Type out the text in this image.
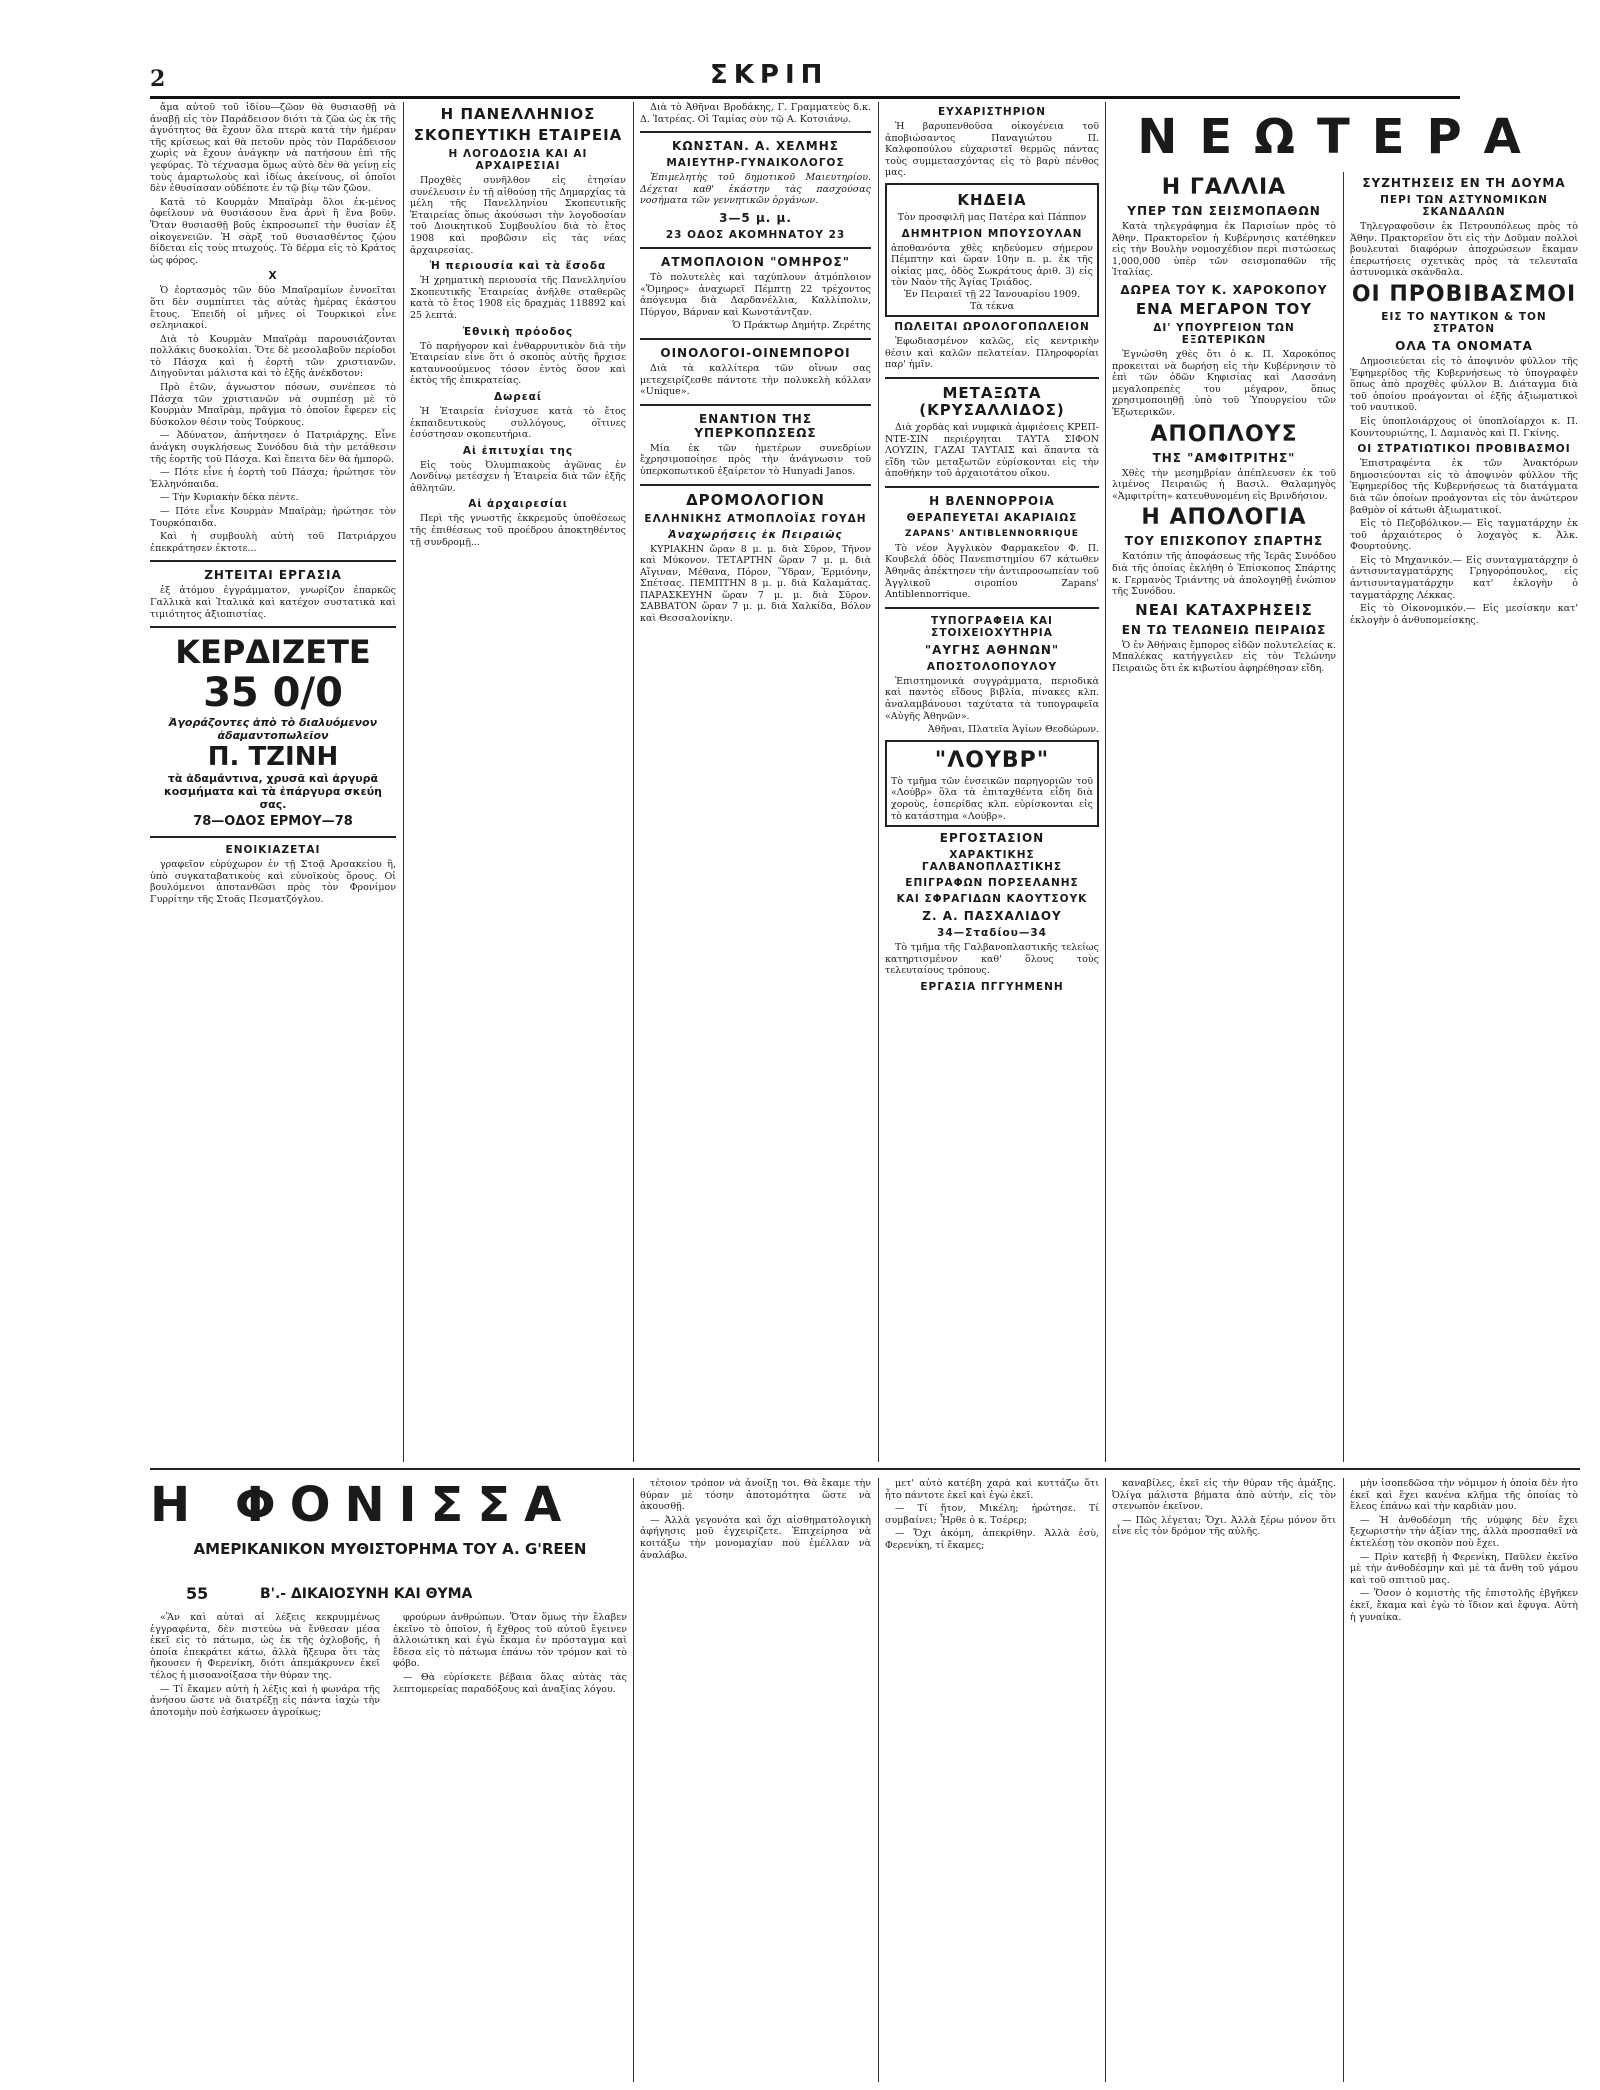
2	ΣΚΡΙΠ

ἄμα αὐτοῦ τοῦ ἰδίου—ζῶον θὰ θυσιασθῇ νὰ ἀναβῇ εἰς τὸν Παράδεισον διότι τὰ ζῶα ὡς ἐκ τῆς ἀγνότητος θὰ ἔχουν ὅλα πτερὰ κατὰ τὴν ἡμέραν τῆς κρίσεως καὶ θὰ πετοῦν πρὸς τὸν Παράδεισον χωρὶς νὰ ἔχουν ἀνάγκην νὰ πατήσουν ἐπὶ τῆς γεφύρας. Τὸ τέχνασμα ὅμως αὐτὸ δὲν θὰ γείνῃ εἰς τοὺς ἁμαρτωλοὺς καὶ ἰδίως ἀκείνους, οἱ ὁποῖοι δὲν ἐθυσίασαν οὐδέποτε ἐν τῷ βίῳ τῶν ζῶον.

Κατὰ τὸ Κουρμὰν Μπαϊρὰμ ὅλοι ἐκ-μένος ὀφείλουν νὰ θυσιάσουν ἕνα ἀρνὶ ἢ ἕνα βοῦν. Ὅταν θυσιασθῇ βοῦς ἐκπροσωπεῖ τὴν θυσίαν ἑξ οἰκογενειῶν. Ἡ σὰρξ τοῦ θυσιασθέντος ζῴου δίδεται εἰς τοὺς πτωχούς. Τὸ δέρμα εἰς τὸ Κράτος ὡς φόρος.

Χ

Ὁ ἑορτασμὸς τῶν δύο Μπαϊραμίων ἐννοεῖται ὅτι δὲν συμπίπτει τὰς αὐτὰς ἡμέρας ἑκάστου ἔτους. Ἐπειδὴ οἱ μῆνες οἱ Τουρκικοὶ εἶνε σεληνιακοί.

Διὰ τὸ Κουρμὰν Μπαϊρὰμ παρουσιάζονται πολλάκις δυσκολίαι. Ὅτε δὲ μεσολαβοῦν περίοδοι τὸ Πάσχα καὶ ἡ ἑορτὴ τῶν χριστιανῶν. Διηγοῦνται μάλιστα καὶ τὸ ἑξῆς ἀνέκδοτον:

Πρὸ ἐτῶν, ἀγνωστον πόσων, συνέπεσε τὸ Πάσχα τῶν χριστιανῶν νὰ συμπέσῃ μὲ τὸ Κουρμὰν Μπαϊρὰμ, πρᾶγμα τὸ ὁποῖον ἔφερεν εἰς δύσκολον θέσιν τοὺς Τούρκους.

— Ἀδύνατον, ἀπήντησεν ὁ Πατριάρχης. Εἶνε ἀνάγκη συγκλήσεως Συνόδου διὰ τὴν μετάθεσιν τῆς ἑορτῆς τοῦ Πάσχα. Καὶ ἔπειτα δὲν θὰ ἠμπορῶ.

— Πότε εἶνε ἡ ἑορτὴ τοῦ Πάσχα; ἠρώτησε τὸν Ἑλληνόπαιδα.

— Τὴν Κυριακὴν δέκα πέντε.

— Πότε εἶνε Κουρμὰν Μπαϊρὰμ; ἠρώτησε τὸν Τουρκόπαιδα.

Καὶ ἡ συμβουλὴ αὐτὴ τοῦ Πατριάρχου ἐπεκράτησεν ἐκτοτε...

ΖΗΤΕΙΤΑΙ ΕΡΓΑΣΙΑ

ἐξ ἀτόμου ἐγγράμματον, γνωρίζον ἐπαρκῶς Γαλλικὰ καὶ Ἰταλικὰ καὶ κατέχον συστατικὰ καὶ τιμιότητος ἀξιοπιστίας.

ΚΕΡΔΙΖΕΤΕ
35 0/0
Ἀγοράζοντες ἀπὸ τὸ διαλυόμενον ἀδαμαντοπωλεῖον
Π. ΤΖΙΝΗ
τὰ ἀδαμάντινα, χρυσᾶ καὶ ἀργυρᾶ κοσμήματα καὶ τὰ ἐπάργυρα σκεύη σας.
78—ΟΔΟΣ ΕΡΜΟΥ—78
ΕΝΟΙΚΙΑΖΕΤΑΙ

γραφεῖον εὐρύχωρον ἐν τῇ Στοᾷ Ἀρσακείου ἢ, ὑπὸ συγκαταβατικοὺς καὶ εὐνοϊκοὺς ὅρους. Οἱ βουλόμενοι ἀποτανθῶσι πρὸς τὸν Φρονίμον Γυρρίτην τῆς Στοᾶς Πεσματζόγλου.

Η ΠΑΝΕΛΛΗΝΙΟΣ
ΣΚΟΠΕΥΤΙΚΗ ΕΤΑΙΡΕΙΑ
Η ΛΟΓΟΔΟΣΙΑ ΚΑΙ ΑΙ ΑΡΧΑΙΡΕΣΙΑΙ

Προχθὲς συνῆλθον εἰς ἐτησίαν συνέλευσιν ἐν τῇ αἰθούσῃ τῆς Δημαρχίας τὰ μέλη τῆς Πανελληνίου Σκοπευτικῆς Ἑταιρείας ὅπως ἀκούσωσι τὴν λογοδοσίαν τοῦ Διοικητικοῦ Συμβουλίου διὰ τὸ ἔτος 1908 καὶ προβῶσιν εἰς τὰς νέας ἀρχαιρεσίας.

Ἡ περιουσία καὶ τὰ ἔσοδα

Ἡ χρηματικὴ περιουσία τῆς Πανελληνίου Σκοπευτικῆς Ἑταιρείας ἀνῆλθε σταθερῶς κατὰ τὸ ἔτος 1908 εἰς δραχμὰς 118892 καὶ 25 λεπτά.

Ἐθνικὴ πρόοδος

Τὸ παρήγορον καὶ ἐνθαρρυντικὸν διὰ τὴν Ἑταιρείαν εἶνε ὅτι ὁ σκοπὸς αὐτῆς ἤρχισε καταυνοούμενος τόσον ἐντὸς ὅσον καὶ ἐκτὸς τῆς ἐπικρατείας.

Δωρεαί

Ἡ Ἑταιρεία ἐνίσχυσε κατὰ τὸ ἔτος ἐκπαιδευτικοὺς συλλόγους, οἵτινες ἐσύστησαν σκοπευτήρια.

Αἱ ἐπιτυχίαι της

Εἰς τοὺς Ὀλυμπιακοὺς ἀγῶνας ἐν Λονδίνῳ μετέσχεν ἡ Ἑταιρεία διὰ τῶν ἑξῆς ἀθλητῶν.

Αἱ ἀρχαιρεσίαι

Περὶ τῆς γνωστῆς ἐκκρεμοῦς ὑποθέσεως τῆς ἐπιθέσεως τοῦ προέδρου ἀποκτηθέντος τῇ συνδρομῇ...

Διὰ τὸ Ἀθῆναι Βροδάκης, Γ. Γραμματεὺς δ.κ. Δ. Ἰατρέας. Οἱ Ταμίας σὺν τῷ Α. Κοτσιάνῳ.

ΚΩΝΣΤΑΝ. Α. ΧΕΛΜΗΣ
ΜΑΙΕΥΤΗΡ-ΓΥΝΑΙΚΟΛΟΓΟΣ

Ἐπιμελητὴς τοῦ δημοτικοῦ Μαιευτηρίου. Δέχεται καθ' ἑκάστην τὰς πασχούσας νοσήματα τῶν γεννητικῶν ὀργάνων.

3—5 μ. μ.
23 ΟΔΟΣ ΑΚΟΜΗΝΑΤΟΥ 23
ΑΤΜΟΠΛΟΙΟΝ "ΟΜΗΡΟΣ"

Τὸ πολυτελὲς καὶ ταχύπλουν ἀτμόπλοιον «Ὅμηρος» ἀναχωρεῖ Πέμπτῃ 22 τρέχοντος ἀπόγευμα διὰ Δαρδανέλλια, Καλλίπολιν, Πύργον, Βάρναν καὶ Κωνστάντζαν.

Ὁ Πράκτωρ Δημήτρ. Ζερέτης
ΟΙΝΟΛΟΓΟΙ-ΟΙΝΕΜΠΟΡΟΙ

Διὰ τὰ καλλίτερα τῶν οἴνων σας μετεχειρίζεσθε πάντοτε τὴν πολυκελὴ κόλλαν «Unique».

ΕΝΑΝΤΙΟΝ ΤΗΣ ΥΠΕΡΚΟΠΩΣΕΩΣ

Μία ἐκ τῶν ἡμετέρων συνεδρίων ἔχρησιμοποίησε πρὸς τὴν ἀνάγνωσιν τοῦ ὑπερκοπωτικοῦ ἐξαίρετον τὸ Hunyadi Janos.

ΔΡΟΜΟΛΟΓΙΟΝ
ΕΛΛΗΝΙΚΗΣ ΑΤΜΟΠΛΟΪΑΣ ΓΟΥΔΗ
Ἀναχωρήσεις ἐκ Πειραιῶς

ΚΥΡΙΑΚΗΝ ὥραν 8 μ. μ. διὰ Σῦρον, Τῆνον καὶ Μύκονον. ΤΕΤΑΡΤΗΝ ὥραν 7 μ. μ. διὰ Αἴγιναν, Μέθανα, Πόρον, Ὕδραν, Ἑρμιόνην, Σπέτσας. ΠΕΜΠΤΗΝ 8 μ. μ. διὰ Καλαμάτας. ΠΑΡΑΣΚΕΥΗΝ ὥραν 7 μ. μ. διὰ Σῦρον. ΣΑΒΒΑΤΟΝ ὥραν 7 μ. μ. διὰ Χαλκίδα, Βόλον καὶ Θεσσαλονίκην.

ΕΥΧΑΡΙΣΤΗΡΙΟΝ

Ἡ βαρυπενθοῦσα οἰκογένεια τοῦ ἀποβιώσαντος Παναγιώτου Π. Καλφοπούλου εὐχαριστεῖ θερμῶς πάντας τοὺς συμμετασχόντας εἰς τὸ βαρὺ πένθος μας.

ΚΗΔΕΙΑ
Τὸν προσφιλῆ μας Πατέρα καὶ Πάππον
ΔΗΜΗΤΡΙΟΝ ΜΠΟΥΣΟΥΛΑΝ
ἀποθανόντα χθὲς κηδεύομεν σήμερον Πέμπτην καὶ ὥραν 10ην π. μ. ἐκ τῆς οἰκίας μας, ὁδὸς Σωκράτους ἀριθ. 3) εἰς τὸν Ναὸν τῆς Ἁγίας Τριάδος.
Ἐν Πειραιεῖ τῇ 22 Ἰανουαρίου 1909.
Τὰ τέκνα
ΠΩΛΕΙΤΑΙ ΩΡΟΛΟΓΟΠΩΛΕΙΟΝ

Ἐφωδιασμένον καλῶς, εἰς κεντρικὴν θέσιν καὶ καλῶν πελατείαν. Πληροφορίαι παρ' ἡμῖν.

ΜΕΤΑΞΩΤΑ (ΚΡΥΣΑΛΛΙΔΟΣ)

Διὰ χορδὰς καὶ νυμφικὰ ἀμφιέσεις ΚΡΕΠ-ΝΤΕ-ΣΙΝ περιέργηται ΤΑΥΤΑ ΣΙΦΟΝ ΛΟΥΖΙΝ, ΓΑΖΑΙ ΤΑΥΤΑΙΣ καὶ ἅπαντα τὰ εἴδη τῶν μεταξωτῶν εὑρίσκονται εἰς τὴν ἀποθήκην τοῦ ἀρχαιοτάτου οἴκου.

Η ΒΛΕΝΝΟΡΡΟΙΑ
ΘΕΡΑΠΕΥΕΤΑΙ ΑΚΑΡΙΑΙΩΣ
ZAPANS' ANTIBLENNORRIQUE

Τὸ νέον Ἀγγλικὸν Φαρμακεῖον Φ. Π. Κουβελά ὁδὸς Πανεπιστημίου 67 κάτωθεν Ἀθηνᾶς ἀπέκτησεν τὴν ἀντιπροσωπείαν τοῦ Ἀγγλικοῦ σιροπίου Zapans' Antiblennorrique.

ΤΥΠΟΓΡΑΦΕΙΑ ΚΑΙ ΣΤΟΙΧΕΙΟΧΥΤΗΡΙΑ
"ΑΥΓΗΣ ΑΘΗΝΩΝ"
ΑΠΟΣΤΟΛΟΠΟΥΛΟΥ

Ἐπιστημονικὰ συγγράμματα, περιοδικὰ καὶ παντὸς εἴδους βιβλία, πίνακες κλπ. ἀναλαμβάνουσι ταχύτατα τὰ τυπογραφεῖα «Αὐγῆς Ἀθηνῶν».

Ἀθῆναι, Πλατεῖα Ἁγίων Θεοδώρων.
"ΛΟΥΒΡ"
Τὸ τμῆμα τῶν ἐνσεικῶν παρηγοριῶν τοῦ «Λούβρ» ὅλα τὰ ἐπιταχθέντα εἶδη διὰ χοροὺς, ἐσπερίδας κλπ. εὑρίσκονται εἰς τὸ κατάστημα «Λούβρ».
ΕΡΓΟΣΤΑΣΙΟΝ
ΧΑΡΑΚΤΙΚΗΣ ΓΑΛΒΑΝΟΠΛΑΣΤΙΚΗΣ
ΕΠΙΓΡΑΦΩΝ ΠΟΡΣΕΛΑΝΗΣ
ΚΑΙ ΣΦΡΑΓΙΔΩΝ ΚΑΟΥΤΣΟΥΚ
Ζ. Α. ΠΑΣΧΑΛΙΔΟΥ
34—Σταδίου—34

Τὸ τμῆμα τῆς Γαλβανοπλαστικῆς τελείως κατηρτισμένον καθ' ὅλους τοὺς τελευταίους τρόπους.

ΕΡΓΑΣΙΑ ΠΓΓΥΗΜΕΝΗ
ΝΕΩΤΕΡΑ
Η ΓΑΛΛΙΑ
ΥΠΕΡ ΤΩΝ ΣΕΙΣΜΟΠΑΘΩΝ

Κατὰ τηλεγράφημα ἐκ Παρισίων πρὸς τὸ Ἀθην. Πρακτορεῖον ἡ Κυβέρνησις κατέθηκεν εἰς τὴν Βουλὴν νομοσχέδιον περὶ πιστώσεως 1,000,000 ὑπὲρ τῶν σεισμοπαθῶν τῆς Ἰταλίας.

ΔΩΡΕΑ ΤΟΥ Κ. ΧΑΡΟΚΟΠΟΥ
ΕΝΑ ΜΕΓΑΡΟΝ ΤΟΥ
ΔΙ' ΥΠΟΥΡΓΕΙΟΝ ΤΩΝ ΕΞΩΤΕΡΙΚΩΝ

Ἐγνώσθη χθὲς ὅτι ὁ κ. Π. Χαροκόπος προκειται νὰ δωρήσῃ εἰς τὴν Κυβέρνησιν τὸ ἐπὶ τῶν ὁδῶν Κηφισίας καὶ Λασσάνη μεγαλοπρεπὲς του μέγαρον, ὅπως χρησιμοποιηθῇ ὑπὸ τοῦ Ὑπουργείου τῶν Ἐξωτερικῶν.

ΑΠΟΠΛΟΥΣ
ΤΗΣ "ΑΜΦΙΤΡΙΤΗΣ"

Χθὲς τὴν μεσημβρίαν ἀπέπλευσεν ἐκ τοῦ λιμένος Πειραιῶς ἡ Βασιλ. Θαλαμηγὸς «Ἀμφιτρίτη» κατευθυνομένη εἰς Βρινδήσιον.

Η ΑΠΟΛΟΓΙΑ
ΤΟΥ ΕΠΙΣΚΟΠΟΥ ΣΠΑΡΤΗΣ

Κατόπιν τῆς ἀποφάσεως τῆς Ἱερᾶς Συνόδου διὰ τῆς ὁποίας ἐκλήθη ὁ Ἐπίσκοπος Σπάρτης κ. Γερμανὸς Τριάντης νὰ ἀπολογηθῇ ἐνώπιον τῆς Συνόδου.

ΝΕΑΙ ΚΑΤΑΧΡΗΣΕΙΣ
ΕΝ ΤΩ ΤΕΛΩΝΕΙΩ ΠΕΙΡΑΙΩΣ

Ὁ ἐν Ἀθήναις ἔμπορος εἰδῶν πολυτελείας κ. Μπαλέκας κατήγγειλεν εἰς τὸν Τελώνην Πειραιῶς ὅτι ἐκ κιβωτίου ἀφηρέθησαν εἴδη.

ΣΥΖΗΤΗΣΕΙΣ ΕΝ ΤΗ ΔΟΥΜΑ
ΠΕΡΙ ΤΩΝ ΑΣΤΥΝΟΜΙΚΩΝ ΣΚΑΝΔΑΛΩΝ

Τηλεγραφοῦσιν ἐκ Πετρουπόλεως πρὸς τὸ Ἀθην. Πρακτορεῖον ὅτι εἰς τὴν Δοῦμαν πολλοὶ βουλευταὶ διαφόρων ἀποχρώσεων ἔκαμαν ἐπερωτήσεις σχετικὰς πρὸς τὰ τελευταῖα ἀστυνομικὰ σκάνδαλα.

ΟΙ ΠΡΟΒΙΒΑΣΜΟΙ
ΕΙΣ ΤΟ ΝΑΥΤΙΚΟΝ & ΤΟΝ ΣΤΡΑΤΟΝ
ΟΛΑ ΤΑ ΟΝΟΜΑΤΑ

Δημοσιεύεται εἰς τὸ ἀποψινὸν φύλλον τῆς Ἐφημερίδος τῆς Κυβερνήσεως τὸ ὑπογραφὲν ὅπως ἀπὸ προχθὲς φύλλον Β. Διάταγμα διὰ τοῦ ὁποίου προάγονται οἱ ἑξῆς ἀξιωματικοὶ τοῦ ναυτικοῦ.

Εἰς ὑποπλοιάρχους οἱ ὑποπλοίαρχοι κ. Π. Κουντουριώτης, Ι. Δαμιανὸς καὶ Π. Γκίνης.

ΟΙ ΣΤΡΑΤΙΩΤΙΚΟΙ ΠΡΟΒΙΒΑΣΜΟΙ

Ἐπιστραφέντα ἐκ τῶν Ἀνακτόρων δημοσιεύονται εἰς τὸ ἀποψινὸν φύλλον τῆς Ἐφημερίδος τῆς Κυβερνήσεως τὰ διατάγματα διὰ τῶν ὁποίων προάγονται εἰς τὸν ἀνώτερον βαθμὸν οἱ κάτωθι ἀξιωματικοί.

Εἰς τὸ Πεζοβόλικον.— Εἰς ταγματάρχην ἐκ τοῦ ἀρχαιότερος ὁ λοχαγὸς κ. Ἀλκ. Φουρτούνης.

Εἰς τὸ Μηχανικόν.— Εἰς συνταγματάρχην ὁ ἀντισυνταγματάρχης Γρηγορόπουλος, εἰς ἀντισυνταγματάρχην κατ' ἐκλογὴν ὁ ταγματάρχης Λέκκας.

Εἰς τὸ Οἰκονομικόν.— Εἰς μεσίσκην κατ' ἐκλογὴν ὁ ἀνθυπομείσκης.

Η ΦΟΝΙΣΣΑ
ΑΜΕΡΙΚΑΝΙΚΟΝ ΜΥΘΙΣΤΟΡΗΜΑ ΤΟΥ A. G'REEN
55	Β'.- ΔΙΚΑΙΟΣΥΝΗ ΚΑΙ ΘΥΜΑ

«Ἂν καὶ αὐταὶ αἱ λέξεις κεκρυμμένως ἐγγραφέντα, δὲν πιστεύω νὰ ἔνθεσαν μέσα ἐκεῖ εἰς τὸ πάτωμα, ὡς ἐκ τῆς ὀχλοβοῆς, ἡ ὁποία ἐπεκράτει κάτω, ἀλλὰ ἤξευρα ὅτι τὰς ἤκουσεν ἡ Φερενίκη, διότι ἀπεμάκρυνεν ἐκεῖ τέλος ἡ μισοανοίξασα τὴν θύραν της.

— Τί ἔκαμεν αὐτὴ ἡ λέξις καὶ ἡ φωνάρα τῆς ἀνήσου ὥστε νὰ διατρέξῃ εἰς πάντα ἰαχὼ τὴν ἀποτομὴν ποὺ ἐσήκωσεν ἀγροίκως;

φρούρων ἀνθρώπων. Ὅταν ὅμως τὴν ἔλαβεν ἐκεῖνο τὸ ὁποῖον, ἡ ἔχθρος τοῦ αὐτοῦ ἔγεινεν ἀλλοιώτικη καὶ ἐγὼ ἔκαμα ἐν πρόσταγμα καὶ ἔδεσα εἰς τὸ πάτωμα ἐπάνω τὸν τρόμον καὶ τὸ φόβο.

— Θὰ εὑρίσκετε βέβαια ὅλας αὐτὰς τὰς λεπτομερείας παραδόξους καὶ ἀναξίας λόγου.

τέτοιον τρόπον νὰ ἀνοίξῃ τοι. Θὰ ἔκαμε τὴν θύραν μὲ τόσην ἀποτομότητα ὥστε νὰ ἀκουσθῇ.

— Ἀλλὰ γεγονότα καὶ ὄχι αἰσθηματολογικὴ ἀφήγησις μοῦ ἐγχειρίζετε. Ἐπιχείρησα νὰ κοιτάξω τὴν μονομαχίαν ποὺ ἐμέλλαν νὰ ἀναλάβω.

μετ' αὐτὸ κατέβη χαρὰ καὶ κυττάζω ὅτι ἦτο πάντοτε ἐκεῖ καὶ ἐγὼ ἐκεῖ.

— Τί ἤτον, Μικέλη; ἠρώτησε. Τί συμβαίνει; Ἦρθε ὁ κ. Τσέρερ;

— Ὄχι ἀκόμη, ἀπεκρίθην. Ἀλλὰ ἐσὺ, Φερενίκη, τί ἔκαμες;

καναβίλες, ἐκεῖ εἰς τὴν θύραν τῆς ἁμάξης. Ὀλίγα μάλιστα βήματα ἀπὸ αὐτήν, εἰς τὸν στενωπὸν ἐκεῖνον.

— Πῶς λέγεται; Ὄχι. Ἀλλὰ ξέρω μόνον ὅτι εἶνε εἰς τὸν δρόμον τῆς αὐλῆς.

μὴν ἰσοπεδῶσα τὴν νόμιμον ἡ ὁποία δὲν ἦτο ἐκεῖ καὶ ἔχει κανένα κλῆμα τῆς ὁποίας τὸ ἔλεος ἐπάνω καὶ τὴν καρδιὰν μου.

— Ἡ ἀνθοδέσμη τῆς νύμφης δὲν ἔχει ξεχωριστὴν τὴν ἀξίαν της, ἀλλὰ προσπαθεῖ νὰ ἐκτελέσῃ τὸν σκοπὸν ποὺ ἔχει.

— Πρὶν κατεβῇ ἡ Φερενίκη, Παῦλεν ἐκεῖνο μὲ τὴν ἀνθοδέσμην καὶ μὲ τὰ ἄνθη τοῦ γάμου καὶ τοῦ σπιτιοῦ μας.

— Ὅσον ὁ κομιστὴς τῆς ἐπιστολῆς ἐβγῆκεν ἐκεῖ, ἔκαμα καὶ ἐγὼ τὸ ἴδιον καὶ ἔφυγα. Αὐτὴ ἡ γυναίκα.
